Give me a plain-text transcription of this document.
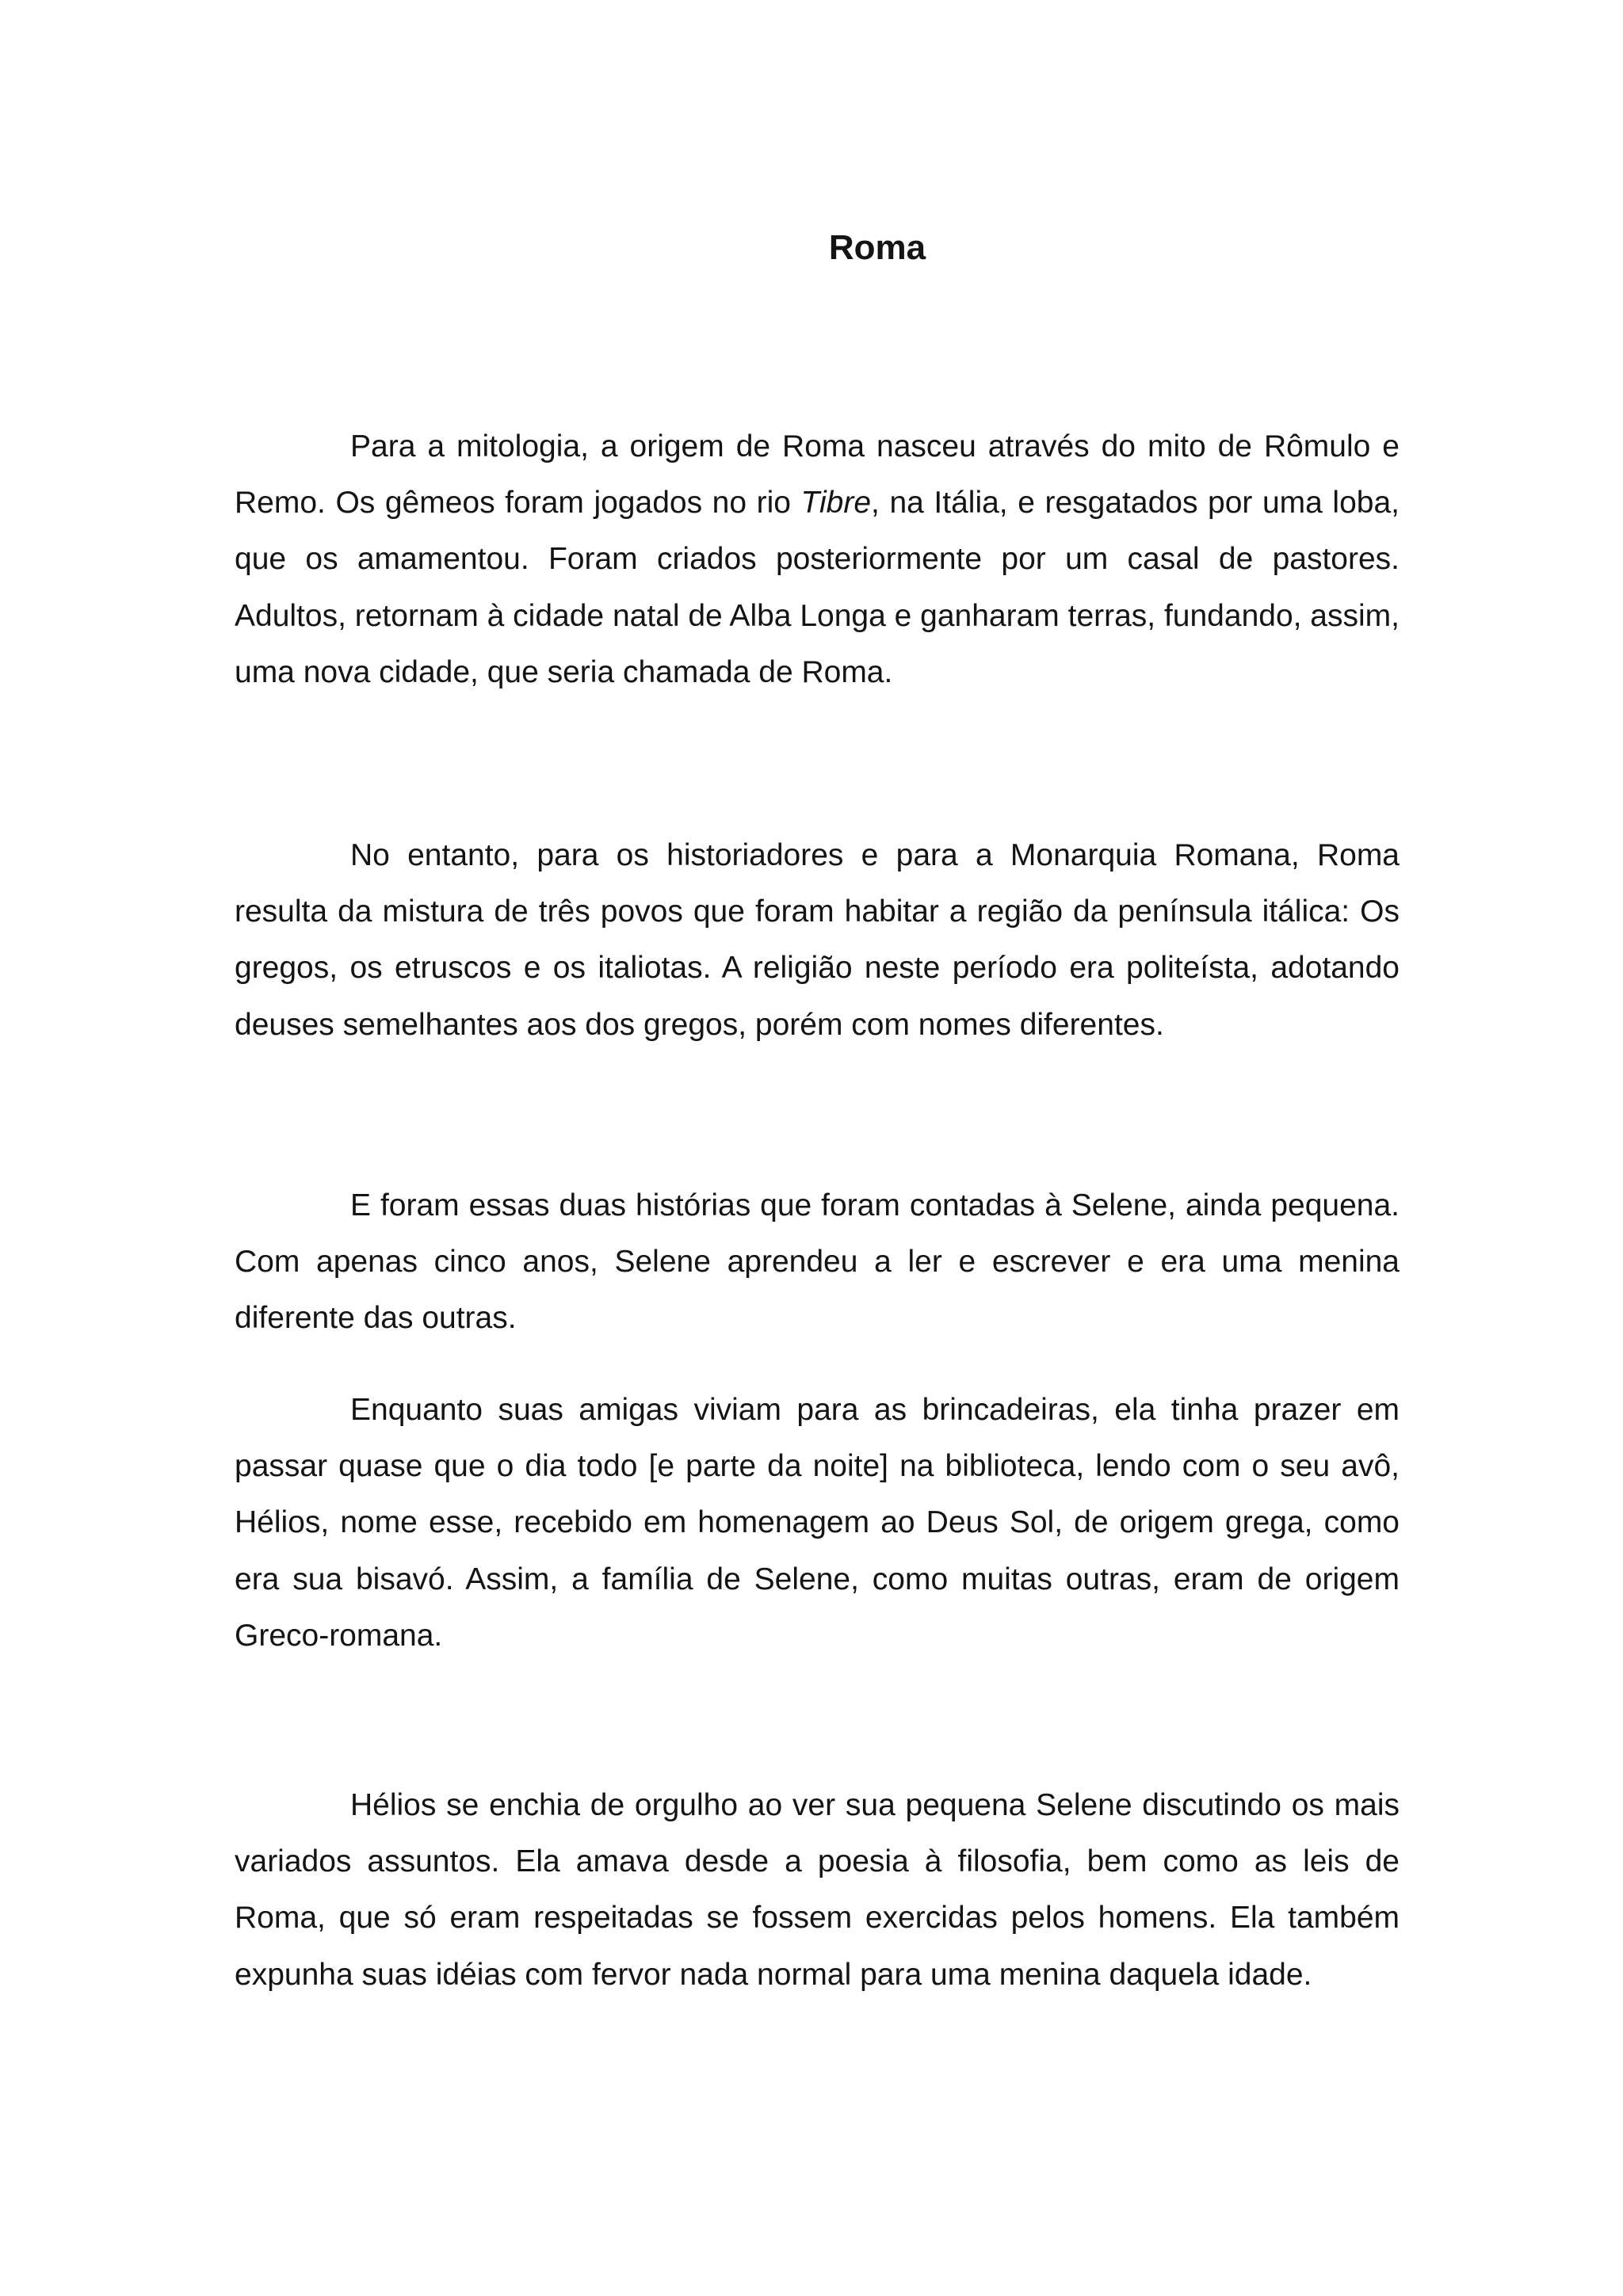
Roma

Para a mitologia, a origem de Roma nasceu através do mito de Rômulo e Remo. Os gêmeos foram jogados no rio Tibre, na Itália, e resgatados por uma loba, que os amamentou. Foram criados posteriormente por um casal de pastores. Adultos, retornam à cidade natal de Alba Longa e ganharam terras, fundando, assim, uma nova cidade, que seria chamada de Roma.

No entanto, para os historiadores e para a Monarquia Romana, Roma resulta da mistura de três povos que foram habitar a região da península itálica: Os gregos, os etruscos e os italiotas. A religião neste período era politeísta, adotando deuses semelhantes aos dos gregos, porém com nomes diferentes.

E foram essas duas histórias que foram contadas à Selene, ainda pequena. Com apenas cinco anos, Selene aprendeu a ler e escrever e era uma menina diferente das outras.

Enquanto suas amigas viviam para as brincadeiras, ela tinha prazer em passar quase que o dia todo [e parte da noite] na biblioteca, lendo com o seu avô, Hélios, nome esse, recebido em homenagem ao Deus Sol, de origem grega, como era sua bisavó. Assim, a família de Selene, como muitas outras, eram de origem Greco-romana.

Hélios se enchia de orgulho ao ver sua pequena Selene discutindo os mais variados assuntos. Ela amava desde a poesia à filosofia, bem como as leis de Roma, que só eram respeitadas se fossem exercidas pelos homens. Ela também expunha suas idéias com fervor nada normal para uma menina daquela idade.
